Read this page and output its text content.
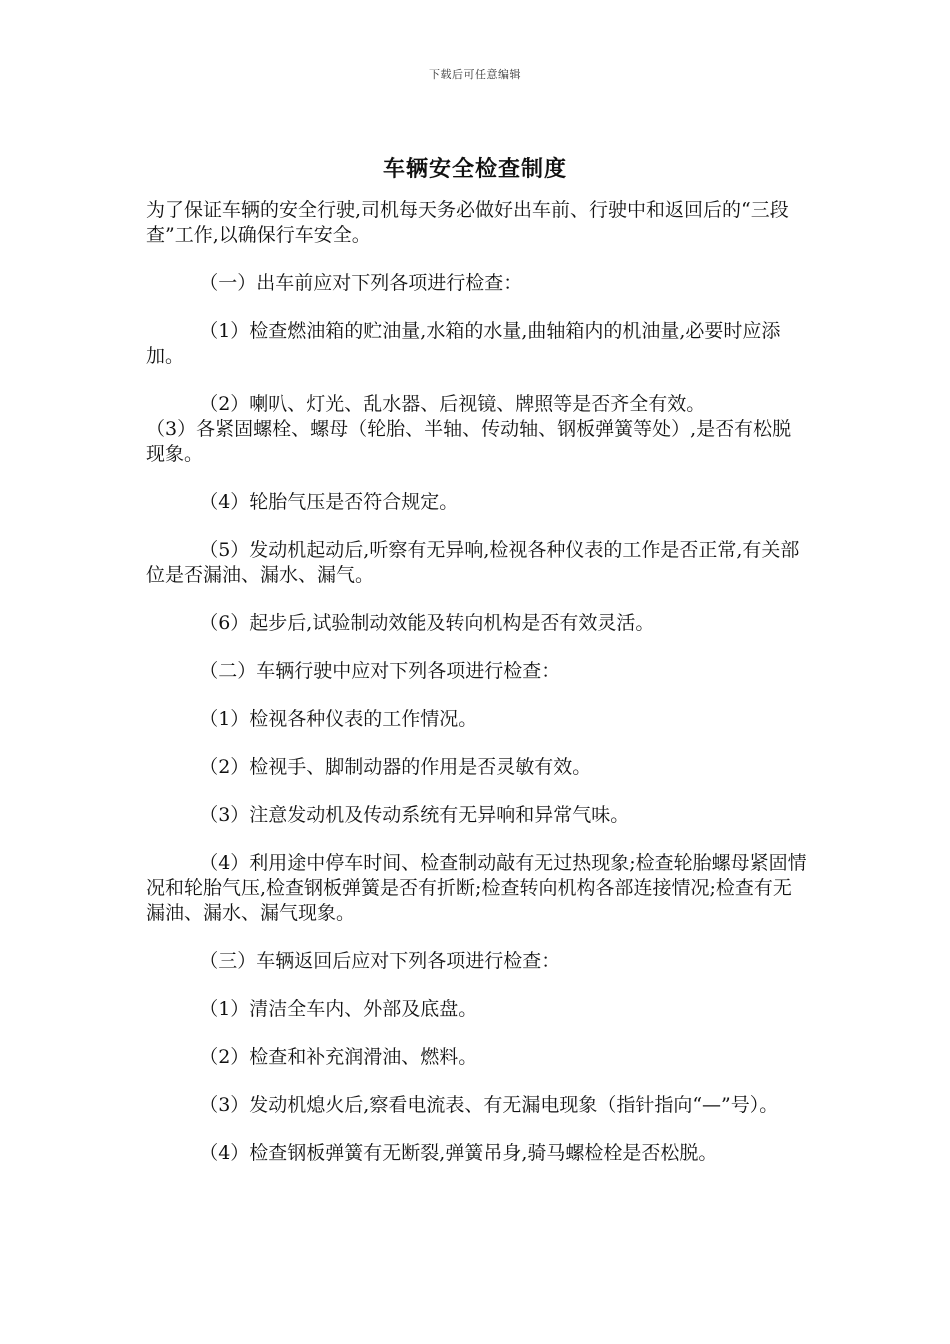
下载后可任意编辑
车辆安全检查制度

为了保证车辆的安全行驶,司机每天务必做好出车前、行驶中和返回后的“三段查”工作,以确保行车安全。

（一）出车前应对下列各项进行检查：

（1）检查燃油箱的贮油量,水箱的水量,曲轴箱内的机油量,必要时应添加。

（2）喇叭、灯光、乱水器、后视镜、牌照等是否齐全有效。

（3）各紧固螺栓、螺母（轮胎、半轴、传动轴、钢板弹簧等处）,是否有松脱现象。

（4）轮胎气压是否符合规定。

（5）发动机起动后,听察有无异响,检视各种仪表的工作是否正常,有关部位是否漏油、漏水、漏气。

（6）起步后,试验制动效能及转向机构是否有效灵活。

（二）车辆行驶中应对下列各项进行检查：

（1）检视各种仪表的工作情况。

（2）检视手、脚制动器的作用是否灵敏有效。

（3）注意发动机及传动系统有无异响和异常气味。

（4）利用途中停车时间、检查制动敲有无过热现象;检查轮胎螺母紧固情况和轮胎气压,检查钢板弹簧是否有折断;检查转向机构各部连接情况;检查有无漏油、漏水、漏气现象。

（三）车辆返回后应对下列各项进行检查：

（1）清洁全车内、外部及底盘。

（2）检查和补充润滑油、燃料。

（3）发动机熄火后,察看电流表、有无漏电现象（指针指向“—”号）。

（4）检查钢板弹簧有无断裂,弹簧吊身,骑马螺检栓是否松脱。
